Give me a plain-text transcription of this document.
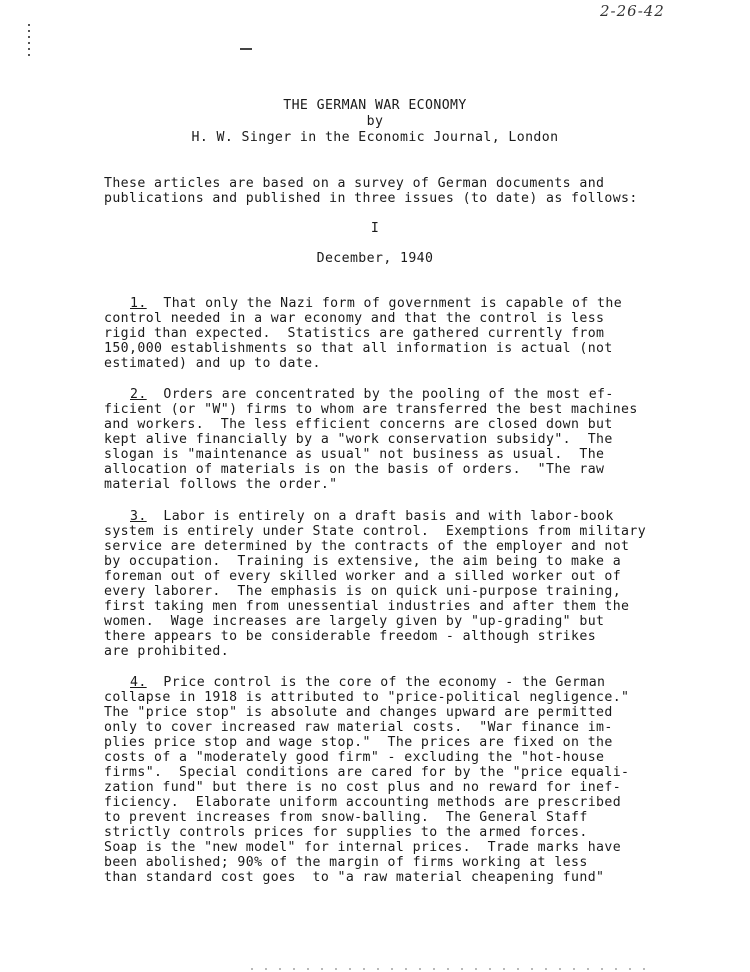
2-26-42

THE GERMAN WAR ECONOMY

by

H. W. Singer in the Economic Journal, London

These articles are based on a survey of German documents and

publications and published in three issues (to date) as follows:

I

December, 1940

1. That only the Nazi form of government is capable of the

control needed in a war economy and that the control is less

rigid than expected.  Statistics are gathered currently from

150,000 establishments so that all information is actual (not

estimated) and up to date.

2. Orders are concentrated by the pooling of the most ef-

ficient (or "W") firms to whom are transferred the best machines

and workers.  The less efficient concerns are closed down but

kept alive financially by a "work conservation subsidy".  The

slogan is "maintenance as usual" not business as usual.  The

allocation of materials is on the basis of orders.  "The raw

material follows the order."

3. Labor is entirely on a draft basis and with labor-book

system is entirely under State control.  Exemptions from military

service are determined by the contracts of the employer and not

by occupation.  Training is extensive, the aim being to make a

foreman out of every skilled worker and a silled worker out of

every laborer.  The emphasis is on quick uni-purpose training,

first taking men from unessential industries and after them the

women.  Wage increases are largely given by "up-grading" but

there appears to be considerable freedom - although strikes

are prohibited.

4. Price control is the core of the economy - the German

collapse in 1918 is attributed to "price-political negligence."

The "price stop" is absolute and changes upward are permitted

only to cover increased raw material costs.  "War finance im-

plies price stop and wage stop."  The prices are fixed on the

costs of a "moderately good firm" - excluding the "hot-house

firms".  Special conditions are cared for by the "price equali-

zation fund" but there is no cost plus and no reward for inef-

ficiency.  Elaborate uniform accounting methods are prescribed

to prevent increases from snow-balling.  The General Staff

strictly controls prices for supplies to the armed forces.

Soap is the "new model" for internal prices.  Trade marks have

been abolished; 90% of the margin of firms working at less

than standard cost goes  to "a raw material cheapening fund"
